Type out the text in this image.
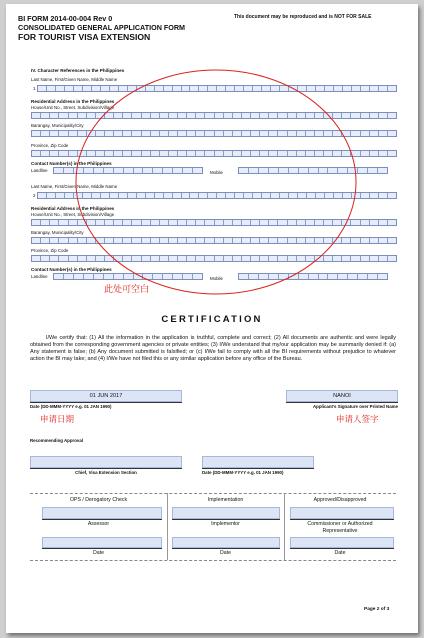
BI FORM 2014-00-004 Rev 0
CONSOLIDATED GENERAL APPLICATION FORM
FOR TOURIST VISA EXTENSION
This document may be reproduced and is NOT FOR SALE
IV. Character References in the Philippines
Last Name, First/Given Name, Middle Name
1
Residential Address in the Philippines
House/Unit No., Street, Subdivision/Village
Barangay, Municipality/City
Province, Zip Code
Contact Number(s) in the Philippines
Landline	Mobile
Last Name, First/Given Name, Middle Name
2
Residential Address in the Philippines
House/Unit No., Street, Subdivision/Village
Barangay, Municipality/City
Province, Zip Code
Contact Number(s) in the Philippines
Landline	Mobile
此处可空白
CERTIFICATION
I/We certify that: (1) All the information in the application is truthful, complete and correct; (2) All documents are authentic and were legally obtained from the corresponding government agencies or private entities; (3) I/We understand that my/our application may be summarily denied if: (a) Any statement is false; (b) Any document submitted is falsified; or (c) I/We fail to comply with all the BI requirements without prejudice to whatever action the BI may take; and (4) I/We have not filed this or any similar application before any office of the Bureau.
01 JUN 2017
Date (DD-MMM-YYYY e.g. 01 JAN 1990)
申请日期
NANOI
Applicant's Signature over Printed Name
申请人签字
Recommending Approval
Chief, Visa Extension Section	Date (DD-MMM-YYYY e.g. 01 JAN 1990)
OPS / Derogatory Check	Implementation	Approved/Disapproved
Assessor	Implementor	Commissioner or Authorized
Representative
Date	Date	Date
Page 2 of 3
